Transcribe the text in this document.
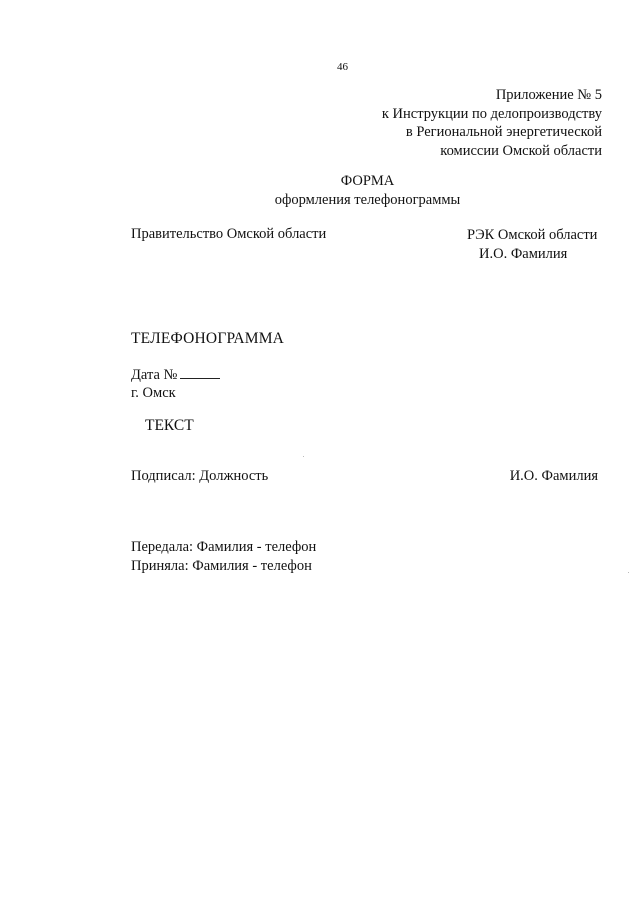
46
Приложение № 5
к Инструкции по делопроизводству
в Региональной энергетической
комиссии Омской области
ФОРМА
оформления телефонограммы
Правительство Омской области	РЭК Омской области
И.О. Фамилия
ТЕЛЕФОНОГРАММА
Дата №
г. Омск
ТЕКСТ
Подписал: Должность	И.О. Фамилия
Передала: Фамилия - телефон
Приняла: Фамилия - телефон
